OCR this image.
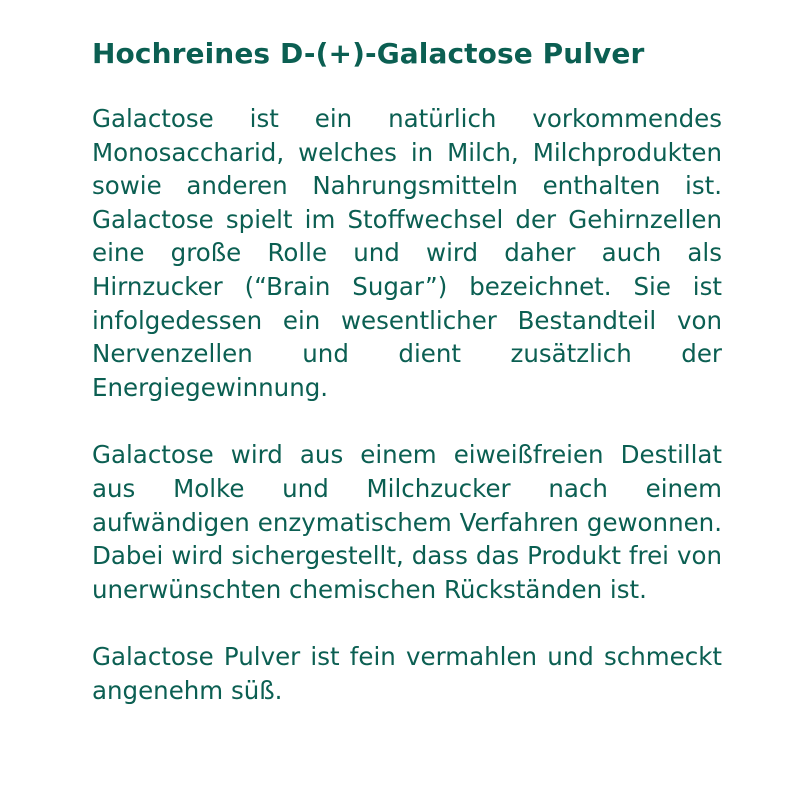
Hochreines D-(+)-Galactose Pulver

Galactose ist ein natürlich vorkommendes Monosaccharid, welches in Milch, Milchprodukten sowie anderen Nahrungsmitteln enthalten ist. Galactose spielt im Stoffwechsel der Gehirnzellen eine große Rolle und wird daher auch als Hirnzucker (“Brain Sugar”) bezeichnet. Sie ist infolgedessen ein wesentlicher Bestandteil von Nervenzellen und dient zusätzlich der Energiegewinnung.

Galactose wird aus einem eiweißfreien Destillat aus Molke und Milchzucker nach einem aufwändigen enzymatischem Verfahren gewonnen. Dabei wird sichergestellt, dass das Produkt frei von unerwünschten chemischen Rückständen ist.

Galactose Pulver ist fein vermahlen und schmeckt angenehm süß.
